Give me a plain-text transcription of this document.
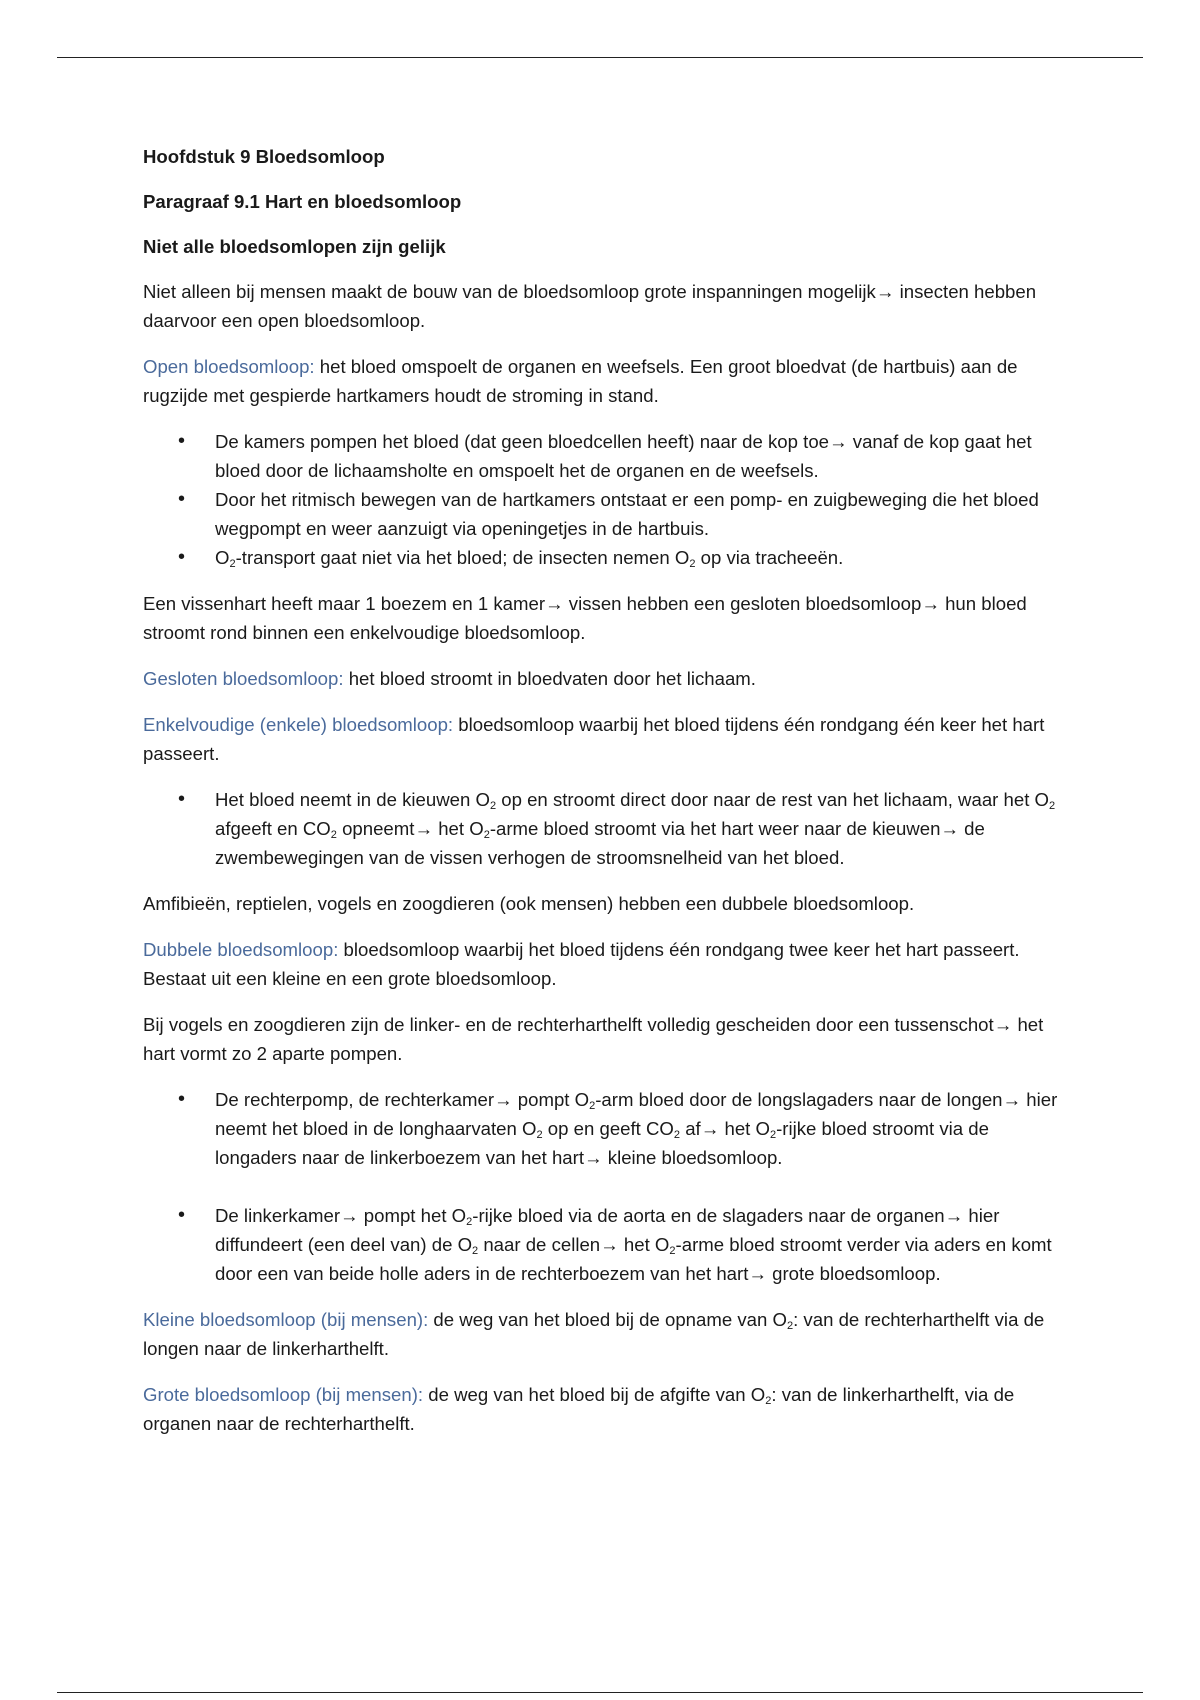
Hoofdstuk 9 Bloedsomloop

Paragraaf 9.1 Hart en bloedsomloop

Niet alle bloedsomlopen zijn gelijk

Niet alleen bij mensen maakt de bouw van de bloedsomloop grote inspanningen mogelijk→ insecten hebben daarvoor een open bloedsomloop.

Open bloedsomloop: het bloed omspoelt de organen en weefsels. Een groot bloedvat (de hartbuis) aan de rugzijde met gespierde hartkamers houdt de stroming in stand.

• De kamers pompen het bloed (dat geen bloedcellen heeft) naar de kop toe→ vanaf de kop gaat het bloed door de lichaamsholte en omspoelt het de organen en de weefsels.
• Door het ritmisch bewegen van de hartkamers ontstaat er een pomp- en zuigbeweging die het bloed wegpompt en weer aanzuigt via openingetjes in de hartbuis.
• $O_2$-transport gaat niet via het bloed; de insecten nemen $O_2$ op via tracheeën.

Een vissenhart heeft maar 1 boezem en 1 kamer→ vissen hebben een gesloten bloedsomloop→ hun bloed stroomt rond binnen een enkelvoudige bloedsomloop.

Gesloten bloedsomloop: het bloed stroomt in bloedvaten door het lichaam.

Enkelvoudige (enkele) bloedsomloop: bloedsomloop waarbij het bloed tijdens één rondgang één keer het hart passeert.

• Het bloed neemt in de kieuwen $O_2$ op en stroomt direct door naar de rest van het lichaam, waar het $O_2$ afgeeft en $CO_2$ opneemt→ het $O_2$-arme bloed stroomt via het hart weer naar de kieuwen→ de zwembewegingen van de vissen verhogen de stroomsnelheid van het bloed.

Amfibieën, reptielen, vogels en zoogdieren (ook mensen) hebben een dubbele bloedsomloop.

Dubbele bloedsomloop: bloedsomloop waarbij het bloed tijdens één rondgang twee keer het hart passeert. Bestaat uit een kleine en een grote bloedsomloop.

Bij vogels en zoogdieren zijn de linker- en de rechterharthelft volledig gescheiden door een tussenschot→ het hart vormt zo 2 aparte pompen.

• De rechterpomp, de rechterkamer→ pompt $O_2$-arm bloed door de longslagaders naar de longen→ hier neemt het bloed in de longhaarvaten $O_2$ op en geeft $CO_2$ af→ het $O_2$-rijke bloed stroomt via de longaders naar de linkerboezem van het hart→ kleine bloedsomloop.
• De linkerkamer→ pompt het $O_2$-rijke bloed via de aorta en de slagaders naar de organen→ hier diffundeert (een deel van) de $O_2$ naar de cellen→ het $O_2$-arme bloed stroomt verder via aders en komt door een van beide holle aders in de rechterboezem van het hart→ grote bloedsomloop.

Kleine bloedsomloop (bij mensen): de weg van het bloed bij de opname van $O_2$: van de rechterharthelft via de longen naar de linkerharthelft.

Grote bloedsomloop (bij mensen): de weg van het bloed bij de afgifte van $O_2$: van de linkerharthelft, via de organen naar de rechterharthelft.
